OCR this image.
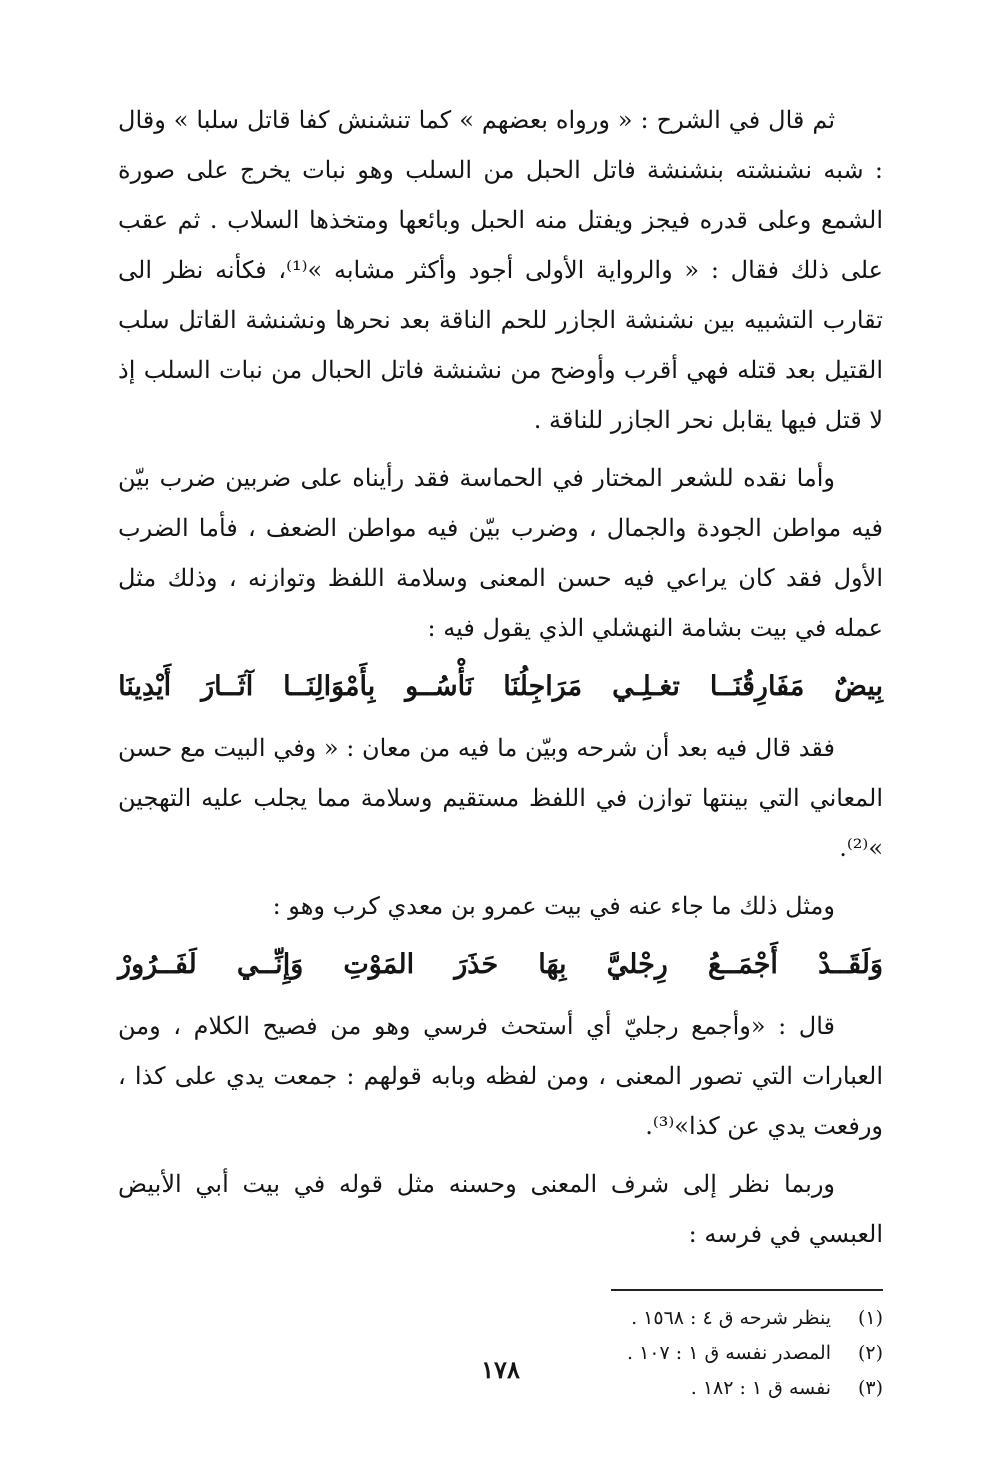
ثم قال في الشرح : « ورواه بعضهم » كما تنشنش كفا قاتل سلبا » وقال : شبه نشنشته بنشنشة فاتل الحبل من السلب وهو نبات يخرج على صورة الشمع وعلى قدره فيجز ويفتل منه الحبل وبائعها ومتخذها السلاب . ثم عقب على ذلك فقال : « والرواية الأولى أجود وأكثر مشابه »⁽¹⁾، فكأنه نظر الى تقارب التشبيه بين نشنشة الجازر للحم الناقة بعد نحرها ونشنشة القاتل سلب القتيل بعد قتله فهي أقرب وأوضح من نشنشة فاتل الحبال من نبات السلب إذ لا قتل فيها يقابل نحر الجازر للناقة .

وأما نقده للشعر المختار في الحماسة فقد رأيناه على ضربين ضرب بيّن فيه مواطن الجودة والجمال ، وضرب بيّن فيه مواطن الضعف ، فأما الضرب الأول فقد كان يراعي فيه حسن المعنى وسلامة اللفظ وتوازنه ، وذلك مثل عمله في بيت بشامة النهشلي الذي يقول فيه :

بِيضٌ
مَفَارِقُنَــا
تغـلِـي
مَرَاجِلُنَا
نَأْسُــو
بِأَمْوَالِنَــا
آثَــارَ
أَيْدِينَا

فقد قال فيه بعد أن شرحه وبيّن ما فيه من معان : « وفي البيت مع حسن المعاني التي بينتها توازن في اللفظ مستقيم وسلامة مما يجلب عليه التهجين »⁽²⁾.

ومثل ذلك ما جاء عنه في بيت عمرو بن معدي كرب وهو :

وَلَقَــدْ
أَجْمَــعُ
رِجْليَّ
بِهَا
حَذَرَ
المَوْتِ
وَإِنِّــي
لَفَــرُورْ

قال : «وأجمع رجليّ أي أستحث فرسي وهو من فصيح الكلام ، ومن العبارات التي تصور المعنى ، ومن لفظه وبابه قولهم : جمعت يدي على كذا ، ورفعت يدي عن كذا»⁽³⁾.

وربما نظر إلى شرف المعنى وحسنه مثل قوله في بيت أبي الأبيض العبسي في فرسه :

(١)
ينظر شرحه ق ٤ : ١٥٦٨ .
(٢)
المصدر نفسه ق ١ : ١٠٧ .
(٣)
نفسه ق ١ : ١٨٢ .
١٧٨
